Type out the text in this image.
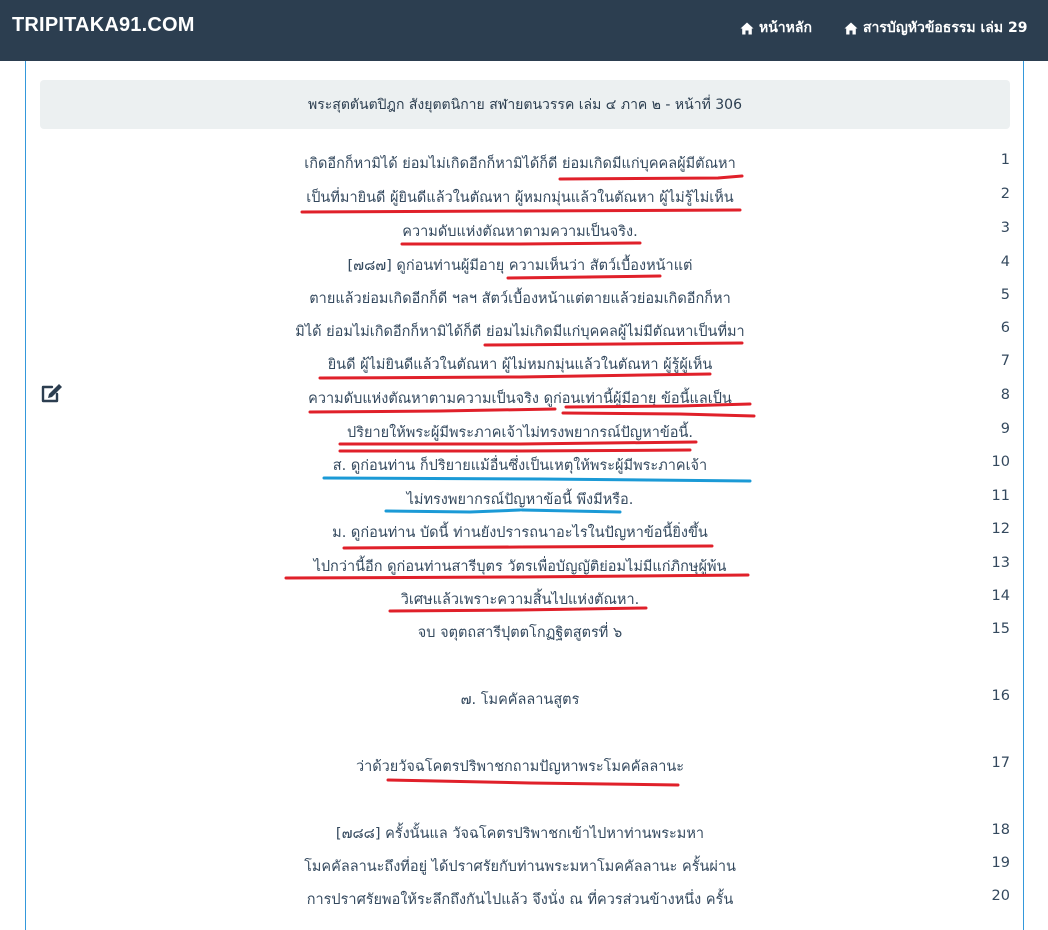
TRIPITAKA91.COM	หน้าหลัก	สารบัญหัวข้อธรรม เล่ม 29
พระสุตตันตปิฎก สังยุตตนิกาย สฬายตนวรรค เล่ม ๔ ภาค ๒ - หน้าที่ 306
เกิดอีกก็หามิได้ ย่อมไม่เกิดอีกก็หามิได้ก็ดี ย่อมเกิดมีแก่บุคคลผู้มีตัณหา	1
เป็นที่มายินดี ผู้ยินดีแล้วในตัณหา ผู้หมกมุ่นแล้วในตัณหา ผู้ไม่รู้ไม่เห็น	2
ความดับแห่งตัณหาตามความเป็นจริง.	3
[๗๘๗] ดูก่อนท่านผู้มีอายุ ความเห็นว่า สัตว์เบื้องหน้าแต่	4
ตายแล้วย่อมเกิดอีกก็ดี ฯลฯ สัตว์เบื้องหน้าแต่ตายแล้วย่อมเกิดอีกก็หา	5
มิได้ ย่อมไม่เกิดอีกก็หามิได้ก็ดี ย่อมไม่เกิดมีแก่บุคคลผู้ไม่มีตัณหาเป็นที่มา	6
ยินดี ผู้ไม่ยินดีแล้วในตัณหา ผู้ไม่หมกมุ่นแล้วในตัณหา ผู้รู้ผู้เห็น	7
ความดับแห่งตัณหาตามความเป็นจริง ดูก่อนเท่านี้ผู้มีอายุ ข้อนี้แลเป็น	8
ปริยายให้พระผู้มีพระภาคเจ้าไม่ทรงพยากรณ์ปัญหาข้อนี้.	9
ส. ดูก่อนท่าน ก็ปริยายแม้อื่นซึ่งเป็นเหตุให้พระผู้มีพระภาคเจ้า	10
ไม่ทรงพยากรณ์ปัญหาข้อนี้ พึงมีหรือ.	11
ม. ดูก่อนท่าน บัดนี้ ท่านยังปรารถนาอะไรในปัญหาข้อนี้ยิ่งขึ้น	12
ไปกว่านี้อีก ดูก่อนท่านสารีบุตร วัตรเพื่อบัญญัติย่อมไม่มีแก่ภิกษุผู้พ้น	13
วิเศษแล้วเพราะความสิ้นไปแห่งตัณหา.	14
จบ จตุตถสารีปุตตโกฏฐิตสูตรที่ ๖	15
๗. โมคคัลลานสูตร	16
ว่าด้วยวัจฉโคตรปริพาชกถามปัญหาพระโมคคัลลานะ	17
[๗๘๘] ครั้งนั้นแล วัจฉโคตรปริพาชกเข้าไปหาท่านพระมหา	18
โมคคัลลานะถึงที่อยู่ ได้ปราศรัยกับท่านพระมหาโมคคัลลานะ ครั้นผ่าน	19
การปราศรัยพอให้ระลึกถึงกันไปแล้ว จึงนั่ง ณ ที่ควรส่วนข้างหนึ่ง ครั้น	20
